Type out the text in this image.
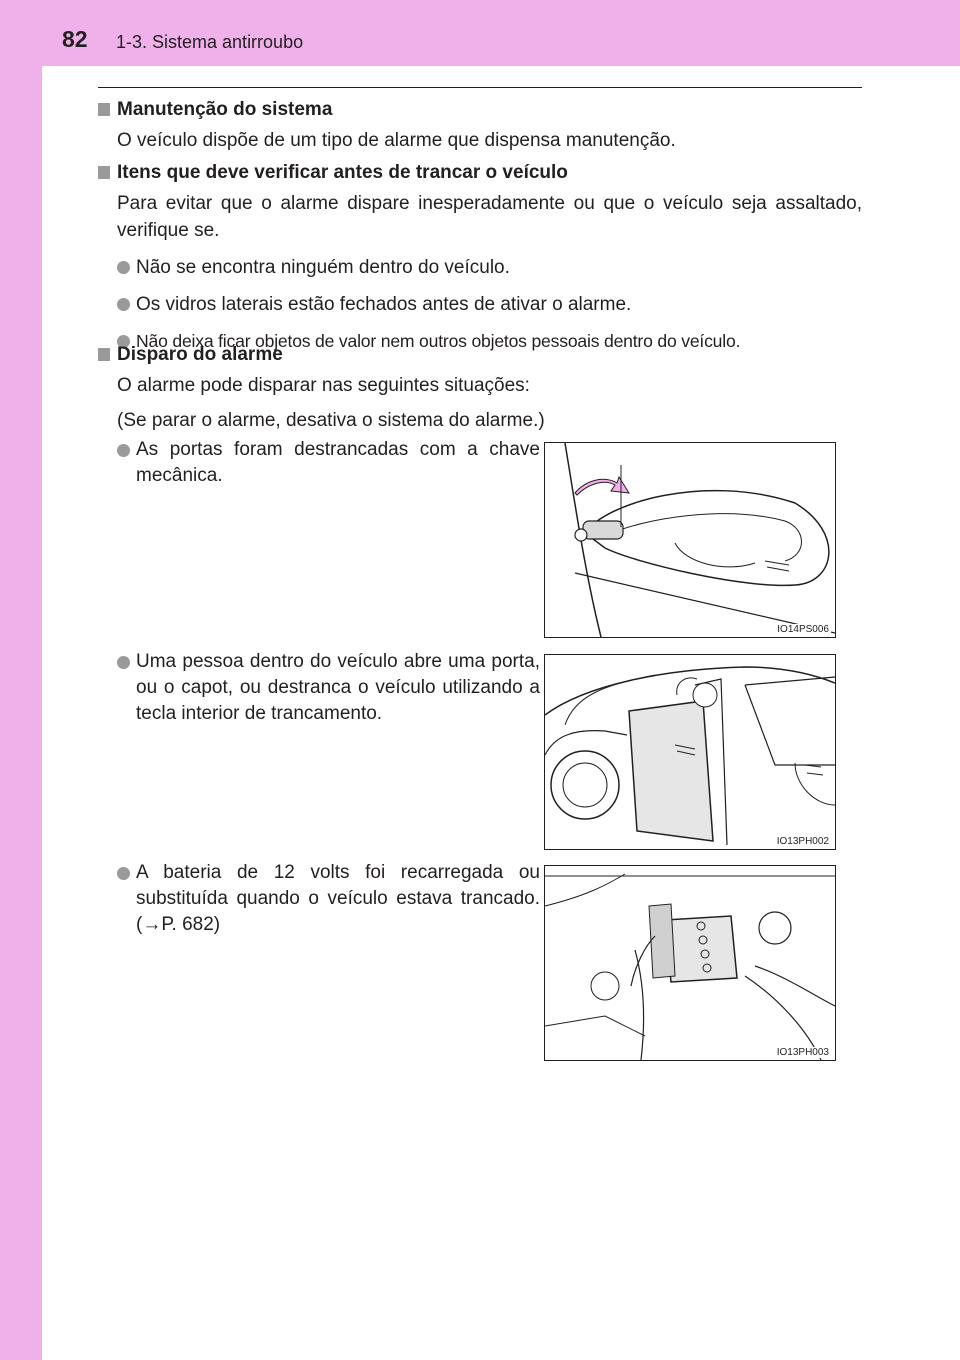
82 1-3. Sistema antirroubo
Manutenção do sistema
O veículo dispõe de um tipo de alarme que dispensa manutenção.
Itens que deve verificar antes de trancar o veículo
Para evitar que o alarme dispare inesperadamente ou que o veículo seja assaltado, verifique se.
Não se encontra ninguém dentro do veículo.
Os vidros laterais estão fechados antes de ativar o alarme.
Não deixa ficar objetos de valor nem outros objetos pessoais dentro do veículo.
Disparo do alarme
O alarme pode disparar nas seguintes situações:
(Se parar o alarme, desativa o sistema do alarme.)
As portas foram destrancadas com a chave mecânica.
IO14PS006
Uma pessoa dentro do veículo abre uma porta, ou o capot, ou destranca o veículo utilizando a tecla interior de trancamento.
IO13PH002
A bateria de 12 volts foi recarregada ou substituída quando o veículo estava trancado. (→P. 682)
IO13PH003
